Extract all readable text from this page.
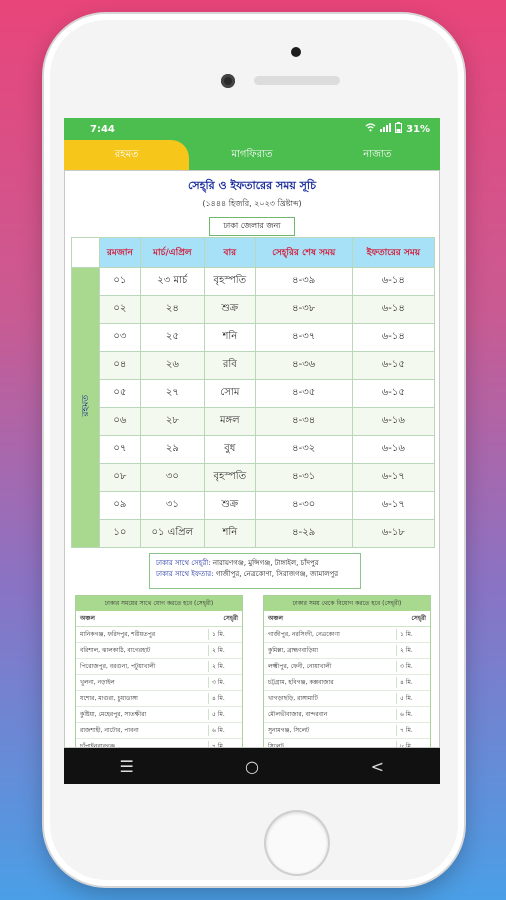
7:44	31%
রহমত	মাগফিরাত	নাজাত
সেহ্‌রি ও ইফতারের সময় সূচি
(১৪৪৪ হিজরি, ২০২৩ খ্রিষ্টাব্দ)
ঢাকা জেলার জন্য
	রমজান	মার্চ/এপ্রিল	বার	সেহ্‌রির শেষ সময়	ইফতারের সময়
রহমত	০১	২৩ মার্চ	বৃহস্পতি	৪-৩৯	৬-১৪
	০২	২৪	শুক্র	৪-৩৮	৬-১৪
	০৩	২৫	শনি	৪-৩৭	৬-১৪
	০৪	২৬	রবি	৪-৩৬	৬-১৫
	০৫	২৭	সোম	৪-৩৫	৬-১৫
	০৬	২৮	মঙ্গল	৪-৩৪	৬-১৬
	০৭	২৯	বুধ	৪-৩২	৬-১৬
	০৮	৩০	বৃহস্পতি	৪-৩১	৬-১৭
	০৯	৩১	শুক্র	৪-৩০	৬-১৭
	১০	০১ এপ্রিল	শনি	৪-২৯	৬-১৮
ঢাকার সাথে সেহ্‌রী: নারায়ণগঞ্জ, মুন্সিগঞ্জ, টাঙ্গাইল, চাঁদপুর
ঢাকার সাথে ইফতার: গাজীপুর, নেত্রকোণা, সিরাজগঞ্জ, জামালপুর
ঢাকার সময়ের সাথে যোগ করতে হবে (সেহ্‌রী)
অঞ্চল	সেহ্‌রী
মানিকগঞ্জ, ফরিদপুর, শরীয়তপুর	১ মি.
বরিশাল, ঝালকাঠি, বাগেরহাট	২ মি.
পিরোজপুর, বরগুনা, পটুয়াখালী	২ মি.
খুলনা, নড়াইল	৩ মি.
যশোর, মাগুরা, চুয়াডাঙ্গা	৪ মি.
কুষ্টিয়া, মেহেরপুর, সাতক্ষীরা	৫ মি.
রাজশাহী, নাটোর, পাবনা	৬ মি.
চাঁপাইনবাবগঞ্জ	৭ মি.
ঢাকার সময় থেকে বিয়োগ করতে হবে (সেহ্‌রী)
অঞ্চল	সেহ্‌রী
গাজীপুর, নরসিংদী, নেত্রকোণা	১ মি.
কুমিল্লা, ব্রাহ্মণবাড়িয়া	২ মি.
লক্ষ্মীপুর, ফেনী, নোয়াখালী	৩ মি.
চট্টগ্রাম, হবিগঞ্জ, কক্সবাজার	৪ মি.
খাগড়াছড়ি, রাঙ্গামাটি	৫ মি.
মৌলভীবাজার, বান্দরবান	৬ মি.
সুনামগঞ্জ, সিলেট	৭ মি.
সিলেট	৮ মি.
☰	○	<
